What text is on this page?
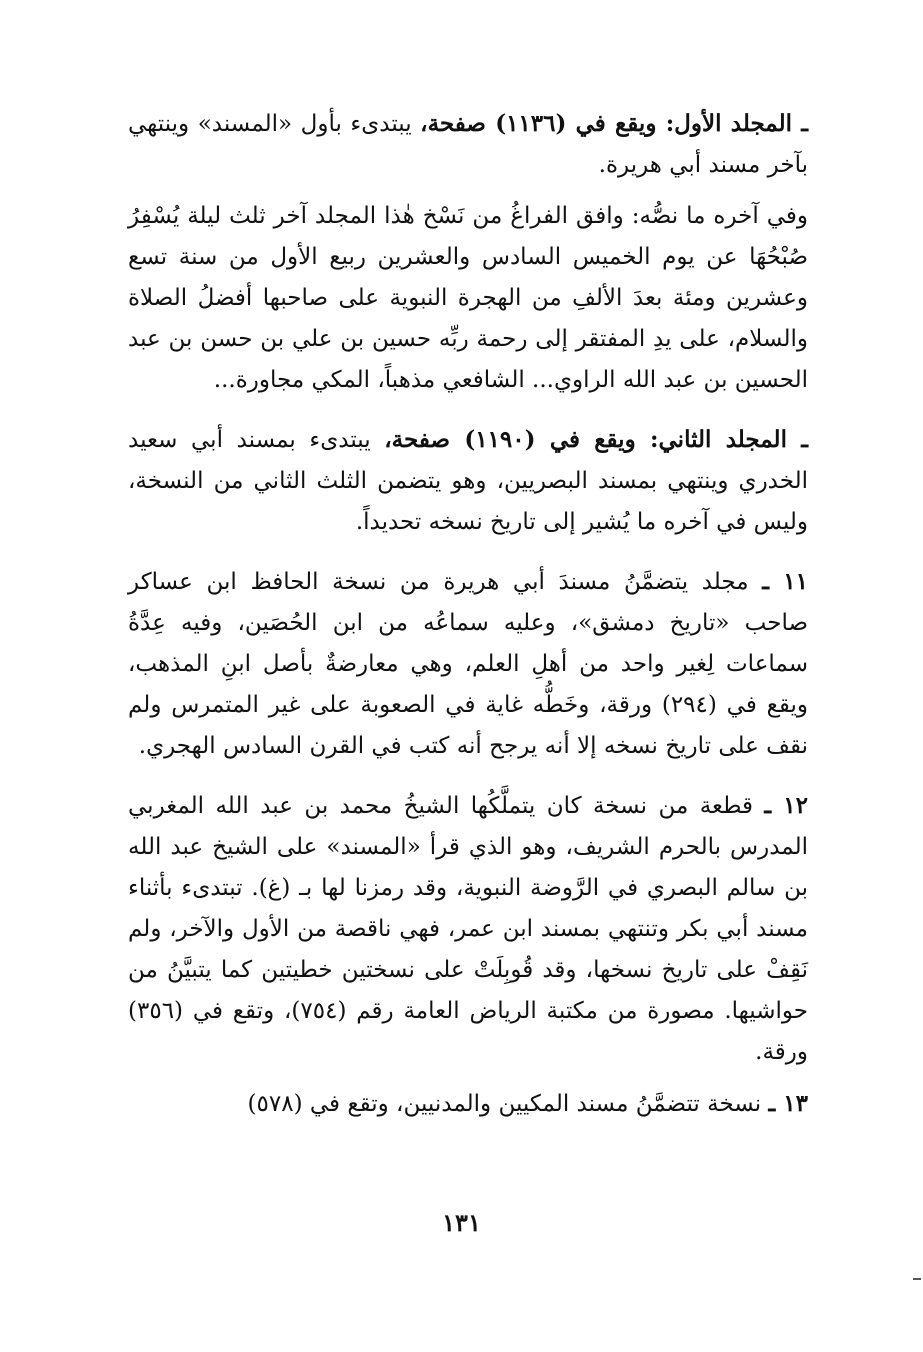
ـ المجلد الأول: ويقع في (١١٣٦) صفحة، يبتدىء بأول «المسند» وينتهي بآخر مسند أبي هريرة.

وفي آخره ما نصُّه: وافق الفراغُ من نَسْخ هٰذا المجلد آخر ثلث ليلة يُسْفِرُ صُبْحُهَا عن يوم الخميس السادس والعشرين ربيع الأول من سنة تسع وعشرين ومئة بعدَ الألفِ من الهجرة النبوية على صاحبها أفضلُ الصلاة والسلام، على يدِ المفتقر إلى رحمة ربِّه حسين بن علي بن حسن بن عبد الحسين بن عبد الله الراوي... الشافعي مذهباً، المكي مجاورة...

ـ المجلد الثاني: ويقع في (١١٩٠) صفحة، يبتدىء بمسند أبي سعيد الخدري وينتهي بمسند البصريين، وهو يتضمن الثلث الثاني من النسخة، وليس في آخره ما يُشير إلى تاريخ نسخه تحديداً.

١١ ـ مجلد يتضمَّنُ مسندَ أبي هريرة من نسخة الحافظ ابن عساكر صاحب «تاريخ دمشق»، وعليه سماعُه من ابن الحُصَين، وفيه عِدَّةُ سماعات لِغير واحد من أهلِ العلم، وهي معارضةٌ بأصل ابنِ المذهب، ويقع في (٢٩٤) ورقة، وخَطُّه غاية في الصعوبة على غير المتمرس ولم نقف على تاريخ نسخه إلا أنه يرجح أنه كتب في القرن السادس الهجري.

١٢ ـ قطعة من نسخة كان يتملَّكُها الشيخُ محمد بن عبد الله المغربي المدرس بالحرم الشريف، وهو الذي قرأ «المسند» على الشيخ عبد الله بن سالم البصري في الرَّوضة النبوية، وقد رمزنا لها بـ (غ). تبتدىء بأثناء مسند أبي بكر وتنتهي بمسند ابن عمر، فهي ناقصة من الأول والآخر، ولم نَقِفْ على تاريخ نسخها، وقد قُوبِلَتْ على نسختين خطيتين كما يتبيَّنُ من حواشيها. مصورة من مكتبة الرياض العامة رقم (٧٥٤)، وتقع في (٣٥٦) ورقة.

١٣ ـ نسخة تتضمَّنُ مسند المكيين والمدنيين، وتقع في (٥٧٨)

١٣١
